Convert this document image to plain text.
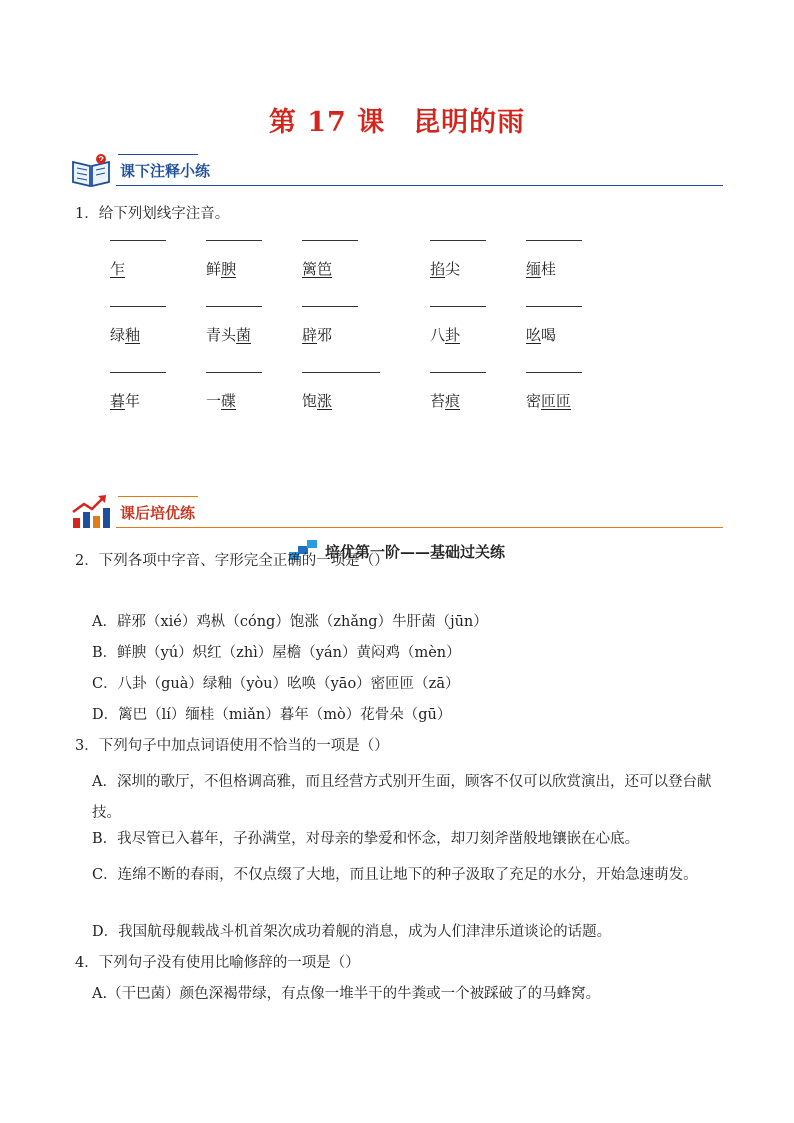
第 17 课　昆明的雨
课下注释小练
1．给下列划线字注音。
乍	鲜腴	篱笆	掐尖	缅桂
绿釉	青头菌	辟邪	八卦	吆喝
暮年	一碟	饱涨	苔痕	密匝匝
课后培优练
培优第一阶——基础过关练
2．下列各项中字音、字形完全正确的一项是（）
A．辟邪（xié）鸡枞（cóng）饱涨（zhǎng）牛肝菌（jūn）
B．鲜腴（yú）炽红（zhì）屋檐（yán）黄闷鸡（mèn）
C．八卦（guà）绿釉（yòu）吆唤（yāo）密匝匝（zā）
D．篱巴（lí）缅桂（miǎn）暮年（mò）花骨朵（gū）
3．下列句子中加点词语使用不恰当的一项是（）
A．深圳的歌厅，不但格调高雅，而且经营方式别开生面，顾客不仅可以欣赏演出，还可以登台献技。
B．我尽管已入暮年，子孙满堂，对母亲的挚爱和怀念，却刀刻斧凿般地镶嵌在心底。
C．连绵不断的春雨，不仅点缀了大地，而且让地下的种子汲取了充足的水分，开始急速萌发。
D．我国航母舰载战斗机首架次成功着舰的消息，成为人们津津乐道谈论的话题。
4．下列句子没有使用比喻修辞的一项是（）
A.（干巴菌）颜色深褐带绿，有点像一堆半干的牛粪或一个被踩破了的马蜂窝。
